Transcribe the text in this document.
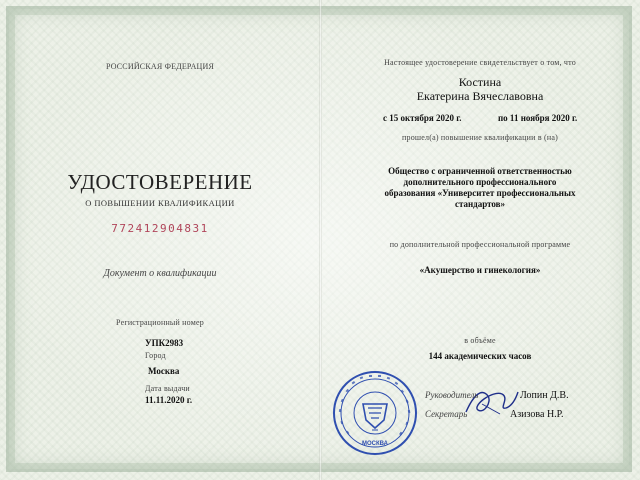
РОССИЙСКАЯ ФЕДЕРАЦИЯ
УДОСТОВЕРЕНИЕ
О ПОВЫШЕНИИ КВАЛИФИКАЦИИ
772412904831
Документ о квалификации
Регистрационный номер
УПК2983
Город
Москва
Дата выдачи
11.11.2020 г.
Настоящее удостоверение свидетельствует о том, что
Костина
Екатерина Вячеславовна
с 15 октября 2020 г.	по 11 ноября 2020 г.
прошел(а) повышение квалификации в (на)
Общество с ограниченной ответственностью
дополнительного профессионального
образования «Университет профессиональных
стандартов»
по дополнительной профессиональной программе
«Акушерство и гинекология»
в объёме
144 академических часов
МОСКВА
Руководитель	Лопин Д.В.
Секретарь	Азизова Н.Р.
